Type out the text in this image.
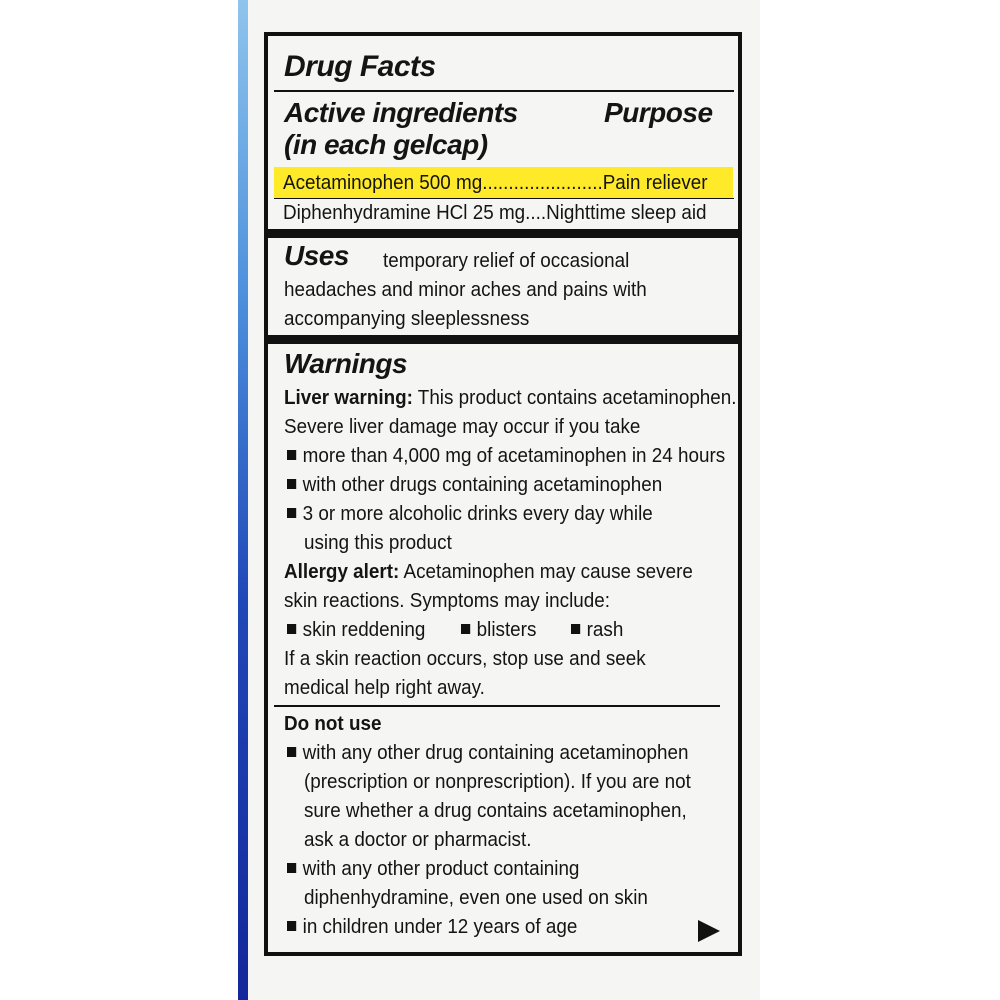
Drug Facts
Active ingredients
(in each gelcap)
Purpose
Acetaminophen 500 mg.......................Pain reliever
Diphenhydramine HCl 25 mg....Nighttime sleep aid
Uses temporary relief of occasional
headaches and minor aches and pains with
accompanying sleeplessness
Warnings
Liver warning: This product contains acetaminophen.
Severe liver damage may occur if you take
more than 4,000 mg of acetaminophen in 24 hours
with other drugs containing acetaminophen
3 or more alcoholic drinks every day while
using this product
Allergy alert: Acetaminophen may cause severe
skin reactions. Symptoms may include:
skin reddening	blisters	rash
If a skin reaction occurs, stop use and seek
medical help right away.
Do not use
with any other drug containing acetaminophen
(prescription or nonprescription). If you are not
sure whether a drug contains acetaminophen,
ask a doctor or pharmacist.
with any other product containing
diphenhydramine, even one used on skin
in children under 12 years of age
